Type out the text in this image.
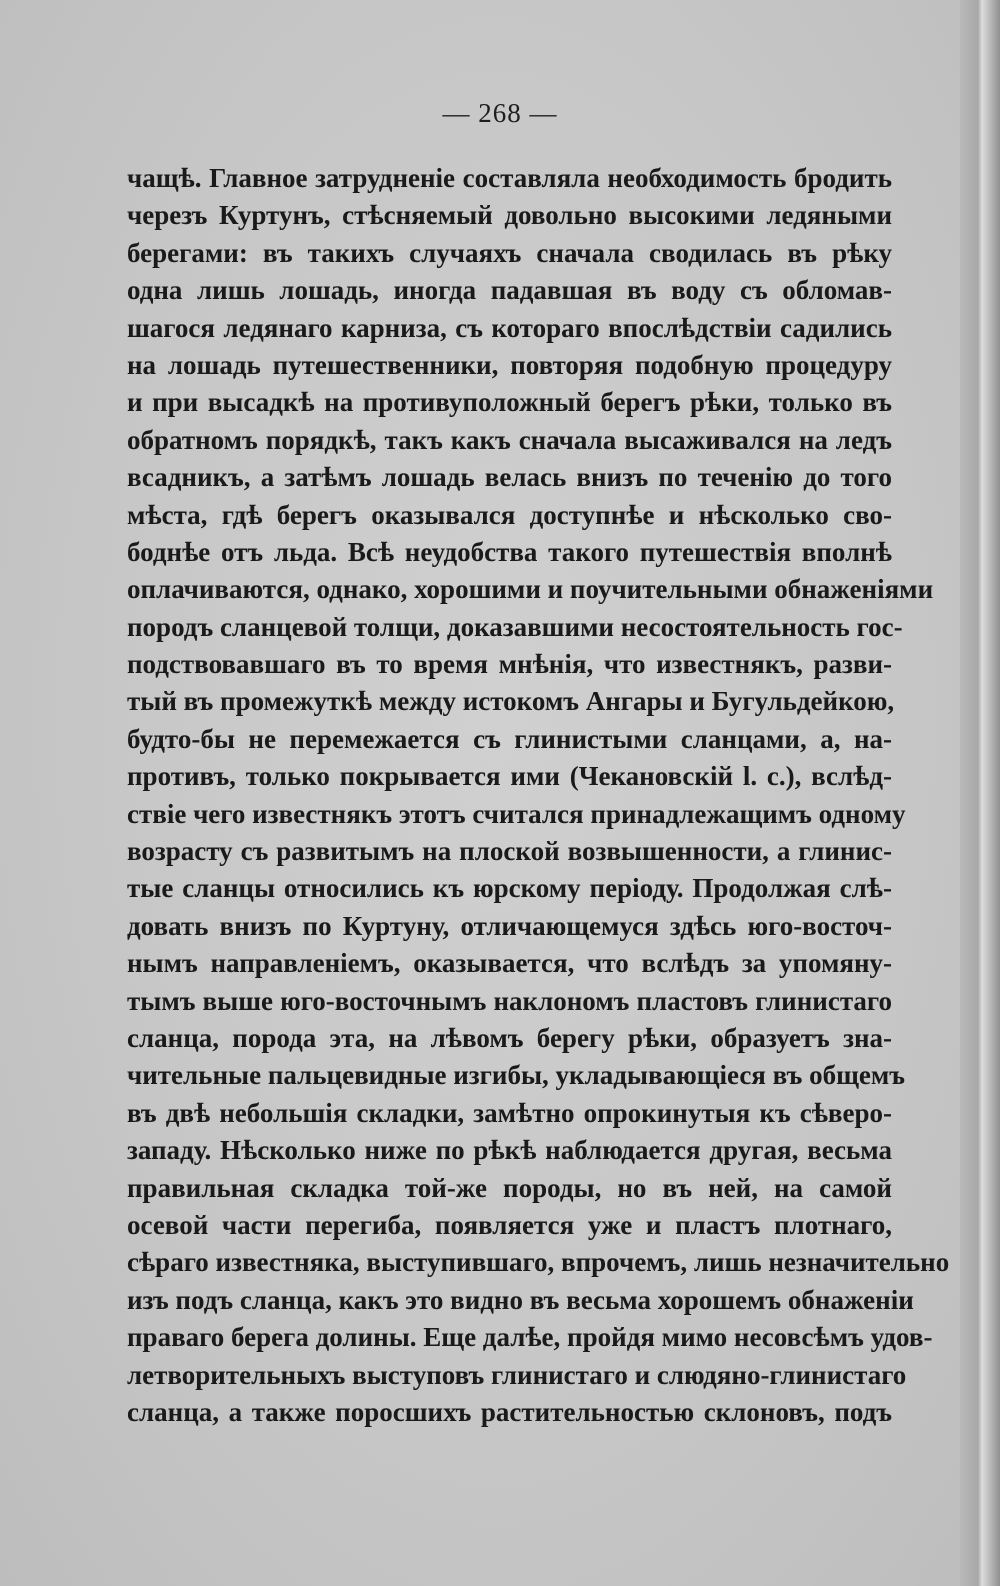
— 268 —
чащѣ. Главное затрудненіе составляла необходимость бродить
черезъ Куртунъ, стѣсняемый довольно высокими ледяными
берегами: въ такихъ случаяхъ сначала сводилась въ рѣку
одна лишь лошадь, иногда падавшая въ воду съ обломав-
шагося ледянаго карниза, съ котораго впослѣдствіи садились
на лошадь путешественники, повторяя подобную процедуру
и при высадкѣ на противуположный берегъ рѣки, только въ
обратномъ порядкѣ, такъ какъ сначала высаживался на ледъ
всадникъ, а затѣмъ лошадь велась внизъ по теченію до того
мѣста, гдѣ берегъ оказывался доступнѣе и нѣсколько сво-
боднѣе отъ льда. Всѣ неудобства такого путешествія вполнѣ
оплачиваются, однако, хорошими и поучительными обнаженіями
породъ сланцевой толщи, доказавшими несостоятельность гос-
подствовавшаго въ то время мнѣнія, что известнякъ, разви-
тый въ промежуткѣ между истокомъ Ангары и Бугульдейкою,
будто-бы не перемежается съ глинистыми сланцами, а, на-
противъ, только покрывается ими (Чекановскій l. c.), вслѣд-
ствіе чего известнякъ этотъ считался принадлежащимъ одному
возрасту съ развитымъ на плоской возвышенности, а глинис-
тые сланцы относились къ юрскому періоду. Продолжая слѣ-
довать внизъ по Куртуну, отличающемуся здѣсь юго-восточ-
нымъ направленіемъ, оказывается, что вслѣдъ за упомяну-
тымъ выше юго-восточнымъ наклономъ пластовъ глинистаго
сланца, порода эта, на лѣвомъ берегу рѣки, образуетъ зна-
чительные пальцевидные изгибы, укладывающіеся въ общемъ
въ двѣ небольшія складки, замѣтно опрокинутыя къ сѣверо-
западу. Нѣсколько ниже по рѣкѣ наблюдается другая, весьма
правильная складка той-же породы, но въ ней, на самой
осевой части перегиба, появляется уже и пластъ плотнаго,
сѣраго известняка, выступившаго, впрочемъ, лишь незначительно
изъ подъ сланца, какъ это видно въ весьма хорошемъ обнаженіи
праваго берега долины. Еще далѣе, пройдя мимо несовсѣмъ удов-
летворительныхъ выступовъ глинистаго и слюдяно-глинистаго
сланца, а также поросшихъ растительностью склоновъ, подъ
